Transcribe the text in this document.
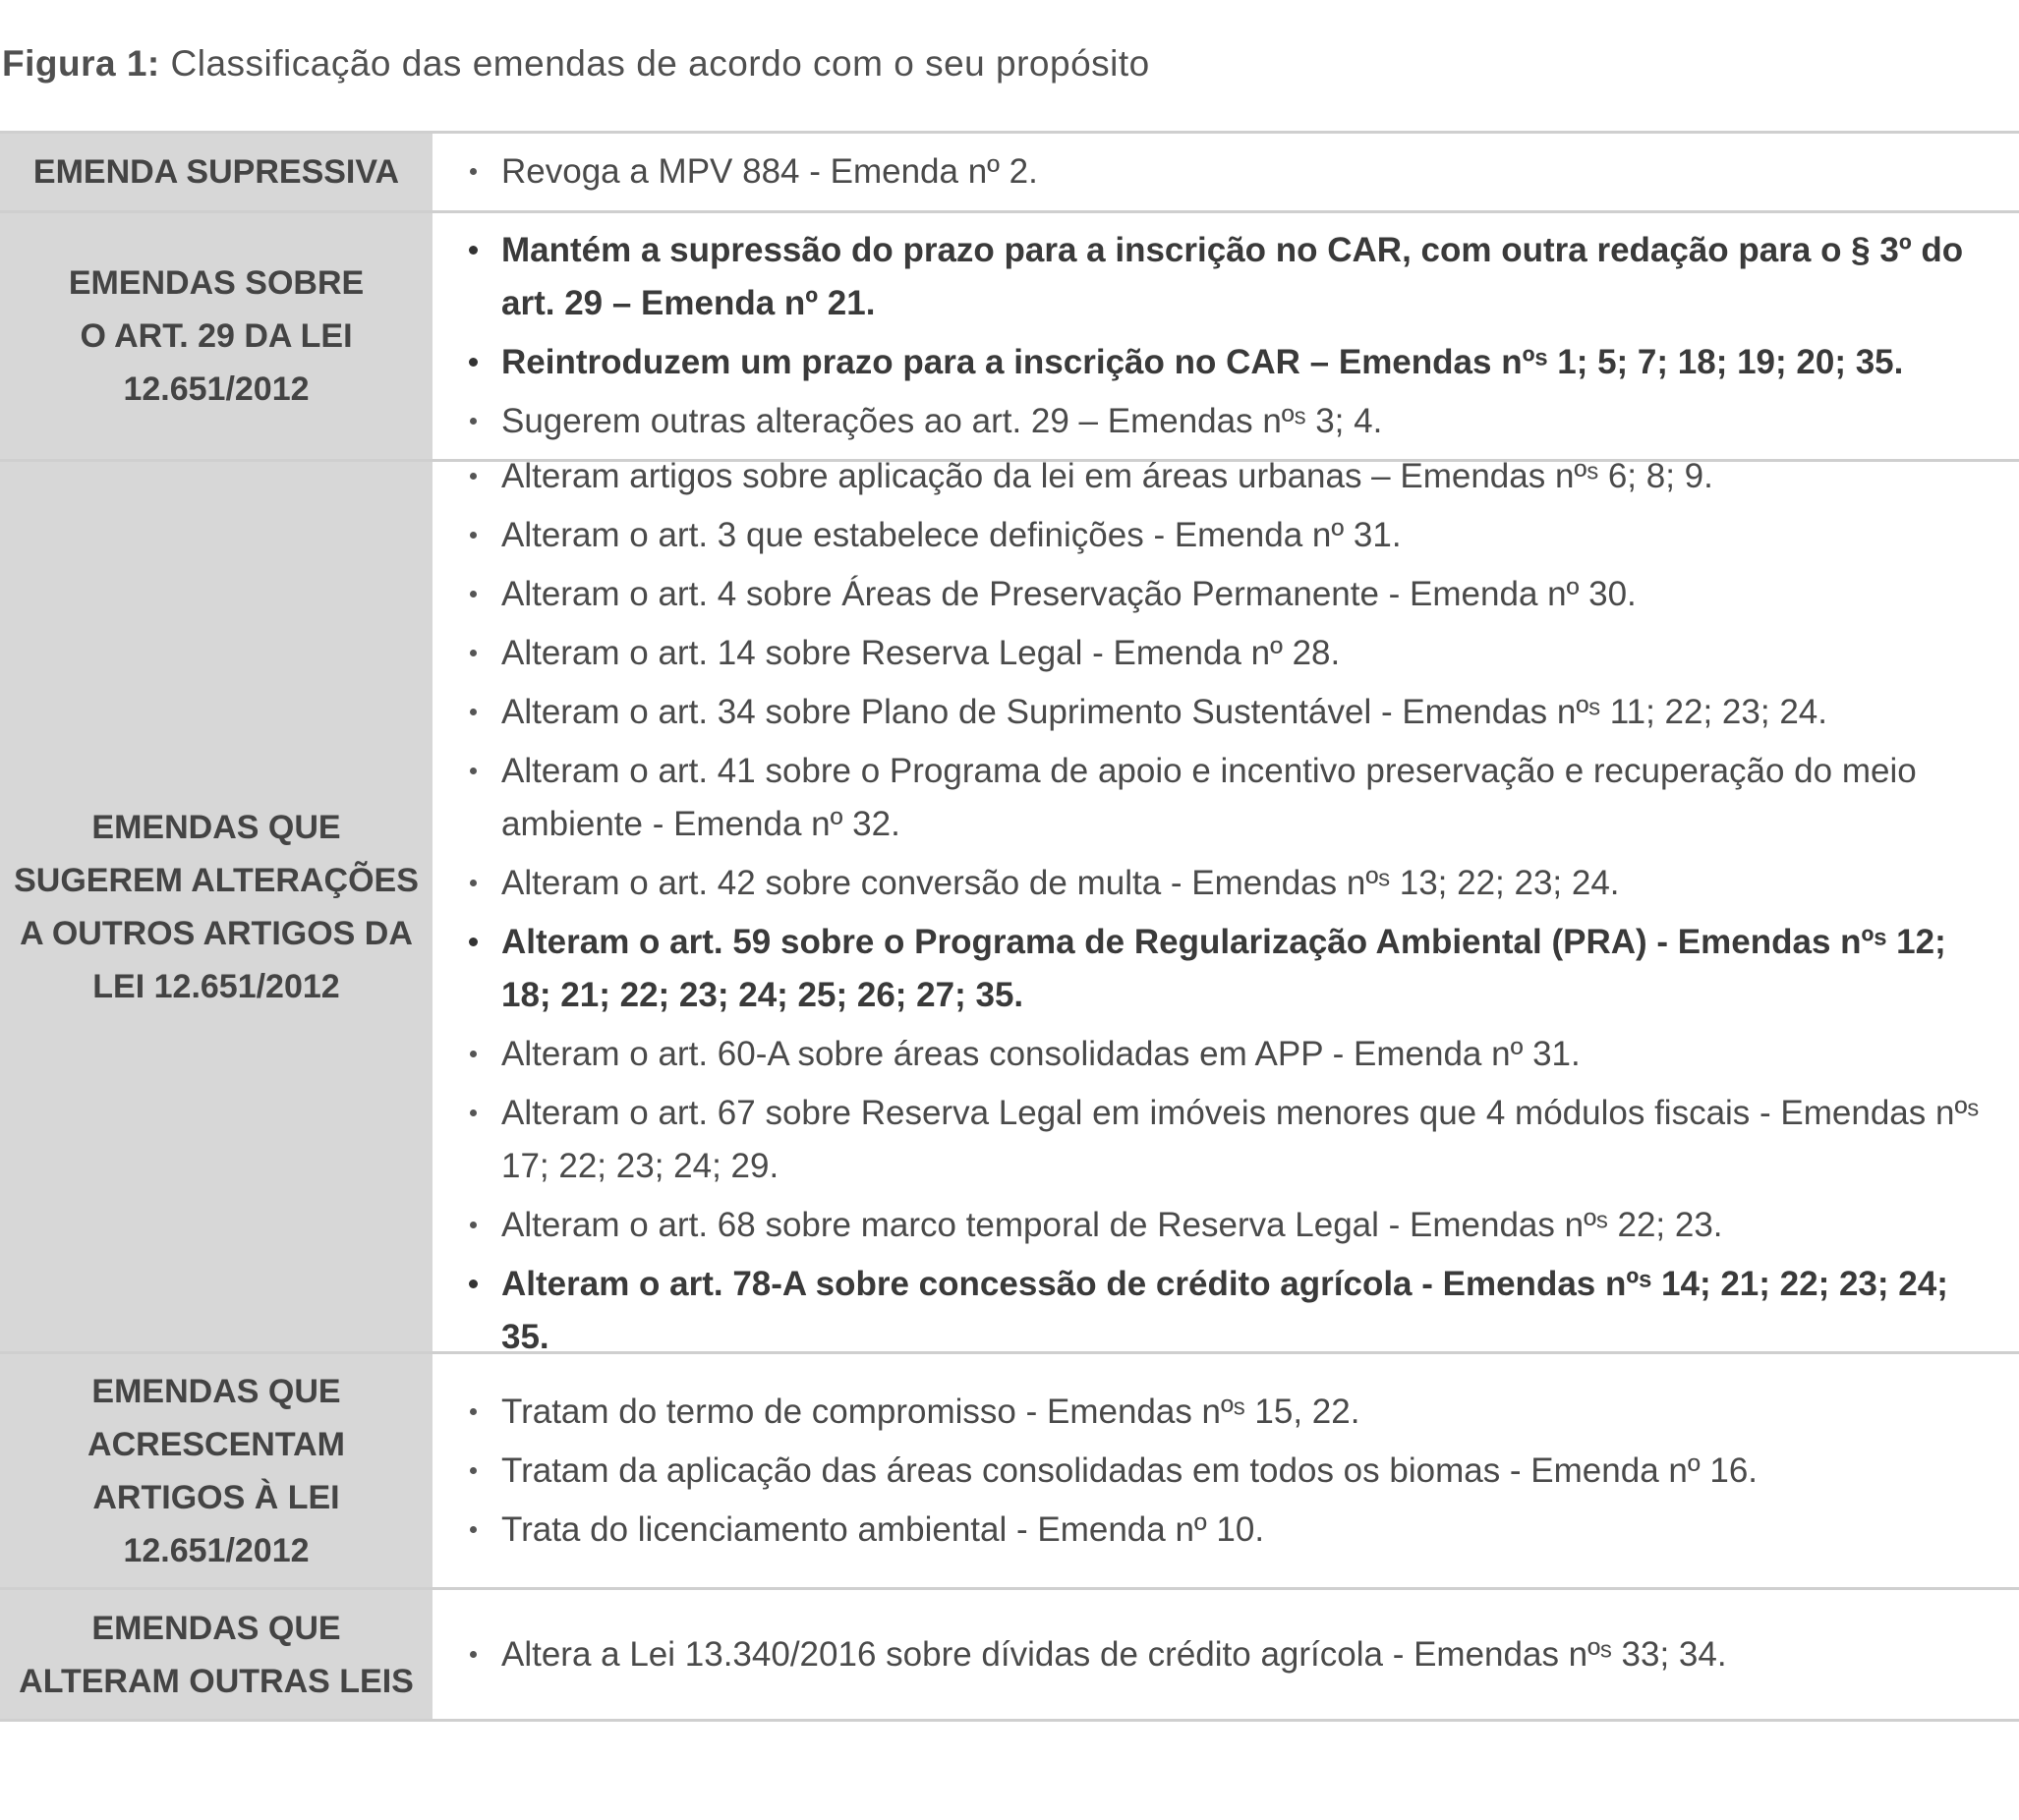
Figura 1: Classificação das emendas de acordo com o seu propósito
EMENDA SUPRESSIVA	Revoga a MPV 884 - Emenda nº 2.
EMENDAS SOBRE
O ART. 29 DA LEI
12.651/2012
Mantém a supressão do prazo para a inscrição no CAR, com outra redação para o § 3º do art. 29 – Emenda nº 21.
Reintroduzem um prazo para a inscrição no CAR – Emendas nºˢ 1; 5; 7; 18; 19; 20; 35.
Sugerem outras alterações ao art. 29 – Emendas nºˢ 3; 4.
EMENDAS QUE
SUGEREM ALTERAÇÕES
A OUTROS ARTIGOS DA
LEI 12.651/2012
Alteram artigos sobre aplicação da lei em áreas urbanas – Emendas nºˢ 6; 8; 9.
Alteram o art. 3 que estabelece definições - Emenda nº 31.
Alteram o art. 4 sobre Áreas de Preservação Permanente - Emenda nº 30.
Alteram o art. 14 sobre Reserva Legal - Emenda nº 28.
Alteram o art. 34 sobre Plano de Suprimento Sustentável - Emendas nºˢ 11; 22; 23; 24.
Alteram o art. 41 sobre o Programa de apoio e incentivo preservação e recuperação do meio ambiente - Emenda nº 32.
Alteram o art. 42 sobre conversão de multa - Emendas nºˢ 13; 22; 23; 24.
Alteram o art. 59 sobre o Programa de Regularização Ambiental (PRA) - Emendas nºˢ 12; 18; 21; 22; 23; 24; 25; 26; 27; 35.
Alteram o art. 60-A sobre áreas consolidadas em APP - Emenda nº 31.
Alteram o art. 67 sobre Reserva Legal em imóveis menores que 4 módulos fiscais - Emendas nºˢ 17; 22; 23; 24; 29.
Alteram o art. 68 sobre marco temporal de Reserva Legal - Emendas nºˢ 22; 23.
Alteram o art. 78-A sobre concessão de crédito agrícola - Emendas nºˢ 14; 21; 22; 23; 24; 35.
EMENDAS QUE
ACRESCENTAM
ARTIGOS À LEI
12.651/2012
Tratam do termo de compromisso - Emendas nºˢ 15, 22.
Tratam da aplicação das áreas consolidadas em todos os biomas - Emenda nº 16.
Trata do licenciamento ambiental - Emenda nº 10.
EMENDAS QUE
ALTERAM OUTRAS LEIS
Altera a Lei 13.340/2016 sobre dívidas de crédito agrícola - Emendas nºˢ 33; 34.
